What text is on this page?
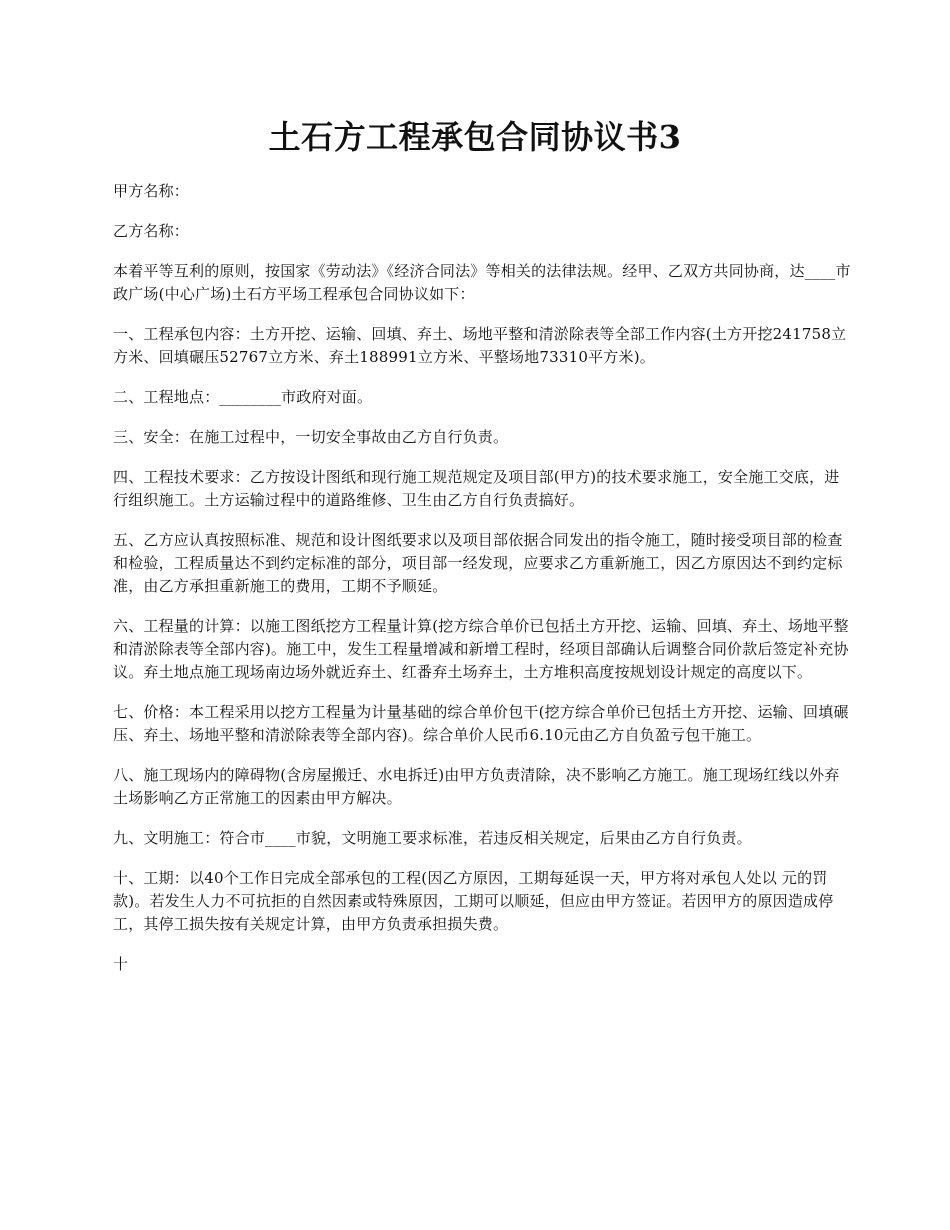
土石方工程承包合同协议书3

甲方名称：

乙方名称：

本着平等互利的原则，按国家《劳动法》《经济合同法》等相关的法律法规。经甲、乙双方共同协商，达____市政广场(中心广场)土石方平场工程承包合同协议如下：

一、工程承包内容：土方开挖、运输、回填、弃土、场地平整和清淤除表等全部工作内容(土方开挖241758立方米、回填碾压52767立方米、弃土188991立方米、平整场地73310平方米)。

二、工程地点：________市政府对面。

三、安全：在施工过程中，一切安全事故由乙方自行负责。

四、工程技术要求：乙方按设计图纸和现行施工规范规定及项目部(甲方)的技术要求施工，安全施工交底，进行组织施工。土方运输过程中的道路维修、卫生由乙方自行负责搞好。

五、乙方应认真按照标准、规范和设计图纸要求以及项目部依据合同发出的指令施工，随时接受项目部的检查和检验，工程质量达不到约定标准的部分，项目部一经发现，应要求乙方重新施工，因乙方原因达不到约定标准，由乙方承担重新施工的费用，工期不予顺延。

六、工程量的计算：以施工图纸挖方工程量计算(挖方综合单价已包括土方开挖、运输、回填、弃土、场地平整和清淤除表等全部内容)。施工中，发生工程量增减和新增工程时，经项目部确认后调整合同价款后签定补充协议。弃土地点施工现场南边场外就近弃土、红番弃土场弃土，土方堆积高度按规划设计规定的高度以下。

七、价格：本工程采用以挖方工程量为计量基础的综合单价包干(挖方综合单价已包括土方开挖、运输、回填碾压、弃土、场地平整和清淤除表等全部内容)。综合单价人民币6.10元由乙方自负盈亏包干施工。

八、施工现场内的障碍物(含房屋搬迁、水电拆迁)由甲方负责清除，决不影响乙方施工。施工现场红线以外弃土场影响乙方正常施工的因素由甲方解决。

九、文明施工：符合市____市貌，文明施工要求标准，若违反相关规定，后果由乙方自行负责。

十、工期：以40个工作日完成全部承包的工程(因乙方原因，工期每延误一天，甲方将对承包人处以 元的罚款)。若发生人力不可抗拒的自然因素或特殊原因，工期可以顺延，但应由甲方签证。若因甲方的原因造成停工，其停工损失按有关规定计算，由甲方负责承担损失费。

十
